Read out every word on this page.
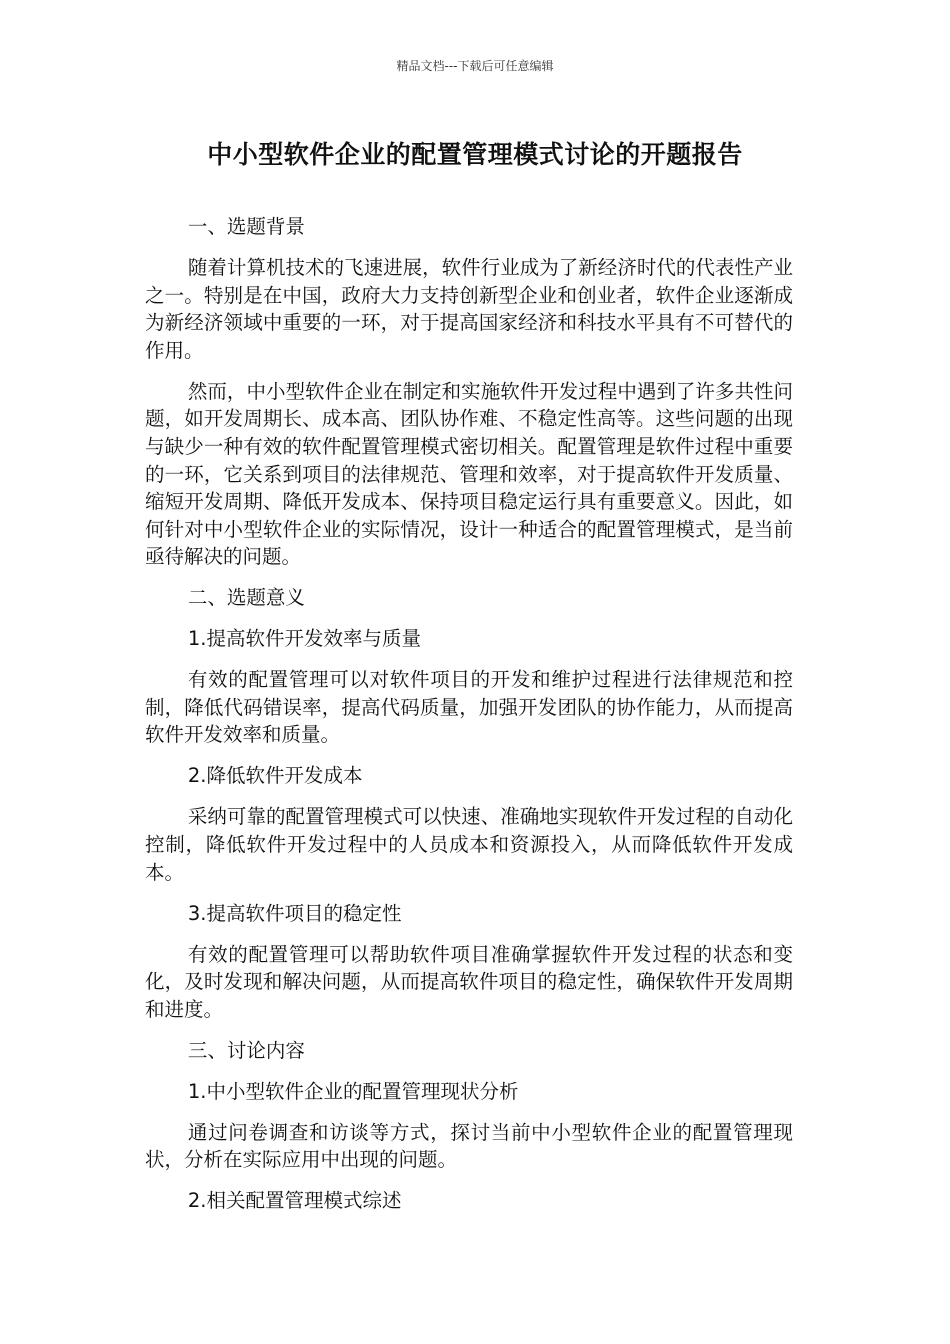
精品文档---下载后可任意编辑
中小型软件企业的配置管理模式讨论的开题报告

一、选题背景

随着计算机技术的飞速进展，软件行业成为了新经济时代的代表性产业之一。特别是在中国，政府大力支持创新型企业和创业者，软件企业逐渐成为新经济领域中重要的一环，对于提高国家经济和科技水平具有不可替代的作用。

然而，中小型软件企业在制定和实施软件开发过程中遇到了许多共性问题，如开发周期长、成本高、团队协作难、不稳定性高等。这些问题的出现与缺少一种有效的软件配置管理模式密切相关。配置管理是软件过程中重要的一环，它关系到项目的法律规范、管理和效率，对于提高软件开发质量、缩短开发周期、降低开发成本、保持项目稳定运行具有重要意义。因此，如何针对中小型软件企业的实际情况，设计一种适合的配置管理模式，是当前亟待解决的问题。

二、选题意义

1.提高软件开发效率与质量

有效的配置管理可以对软件项目的开发和维护过程进行法律规范和控制，降低代码错误率，提高代码质量，加强开发团队的协作能力，从而提高软件开发效率和质量。

2.降低软件开发成本

采纳可靠的配置管理模式可以快速、准确地实现软件开发过程的自动化控制，降低软件开发过程中的人员成本和资源投入，从而降低软件开发成本。

3.提高软件项目的稳定性

有效的配置管理可以帮助软件项目准确掌握软件开发过程的状态和变化，及时发现和解决问题，从而提高软件项目的稳定性，确保软件开发周期和进度。

三、讨论内容

1.中小型软件企业的配置管理现状分析

通过问卷调查和访谈等方式，探讨当前中小型软件企业的配置管理现状，分析在实际应用中出现的问题。

2.相关配置管理模式综述
